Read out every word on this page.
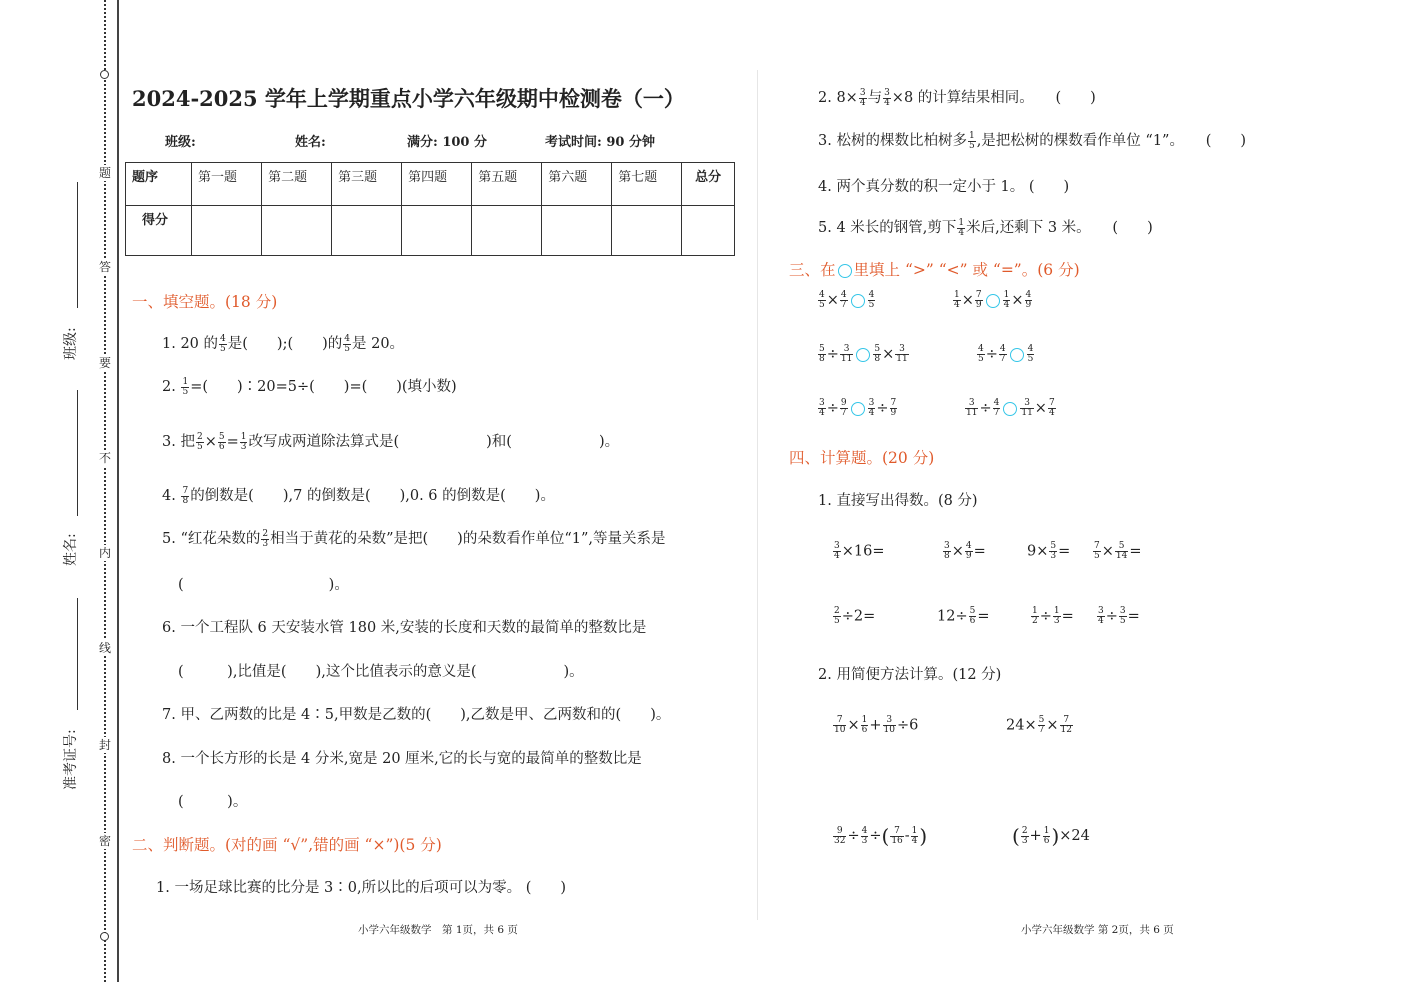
题
答
要
不
内
线
封
密
班级:
姓名:
准考证号:
2024-2025 学年上学期重点小学六年级期中检测卷（一）
班级:	姓名:	满分: 100 分	考试时间: 90 分钟
题序	第一题	第二题	第三题	第四题	第五题	第六题	第七题	总分
得分								
一、填空题。(18 分)
1. 20 的 $\frac{4}{5}$ 是(　　);(　　)的 $\frac{4}{5}$ 是 20。
2. $\frac{1}{5}$ =(　　)∶20=5÷(　　)=(　　)(填小数)
3. 把 $\frac{2}{5} \times \frac{5}{6} = \frac{1}{3}$ 改写成两道除法算式是(　　　　　　)和(　　　　　　)。
4. $\frac{7}{8}$ 的倒数是(　　),7 的倒数是(　　),0. 6 的倒数是(　　)。
5. “红花朵数的 $\frac{2}{3}$ 相当于黄花的朵数”是把(　　)的朵数看作单位“1”,等量关系是
(　　　　　　　　　　)。
6. 一个工程队 6 天安装水管 180 米,安装的长度和天数的最简单的整数比是
(　　　),比值是(　　),这个比值表示的意义是(　　　　　　)。
7. 甲、乙两数的比是 4∶5,甲数是乙数的(　　),乙数是甲、乙两数和的(　　)。
8. 一个长方形的长是 4 分米,宽是 20 厘米,它的长与宽的最简单的整数比是
(　　　)。
二、判断题。(对的画 “√”,错的画 “×”)(5 分)
1. 一场足球比赛的比分是 3∶0,所以比的后项可以为零。 (　　)
小学六年级数学　第 1页，共 6 页
2. $8\times \frac{3}{4}$ 与 $\frac{3}{4} \times 8$ 的计算结果相同。　　(　　)
3. 松树的棵数比柏树多 $\frac{1}{5}$ ,是把松树的棵数看作单位 “1”。　　(　　)
4. 两个真分数的积一定小于 1。 (　　)
5. 4 米长的钢管,剪下 $\frac{1}{4}$ 米后,还剩下 3 米。　　(　　)
三、在 里填上 “>” “<” 或 “=”。(6 分)
$\frac{4}{5} \times \frac{4}{7} \frac{4}{5}$	$\frac{1}{4} \times \frac{7}{9} \frac{1}{4} \times \frac{4}{9}$
$\frac{5}{8} \div \frac{3}{11} \frac{5}{8} \times \frac{3}{11}$	$\frac{4}{5} \div \frac{4}{7} \frac{4}{5}$
$\frac{3}{4} \div \frac{9}{7} \frac{3}{4} \div \frac{7}{9}$	$\frac{3}{11} \div \frac{4}{7} \frac{3}{11} \times \frac{7}{4}$
四、计算题。(20 分)
1. 直接写出得数。(8 分)
$\frac{3}{4} \times 16=$	$\frac{3}{8} \times \frac{4}{9}$ =	$9\times \frac{5}{3}$ =	$\frac{7}{5} \times \frac{5}{14}$ =
$\frac{2}{5} \div 2=$	$12\div \frac{5}{6}$ =	$\frac{1}{2} \div \frac{1}{3}$ =	$\frac{3}{4} \div \frac{3}{5}$ =
2. 用简便方法计算。(12 分)
$\frac{7}{10} \times \frac{1}{6} + \frac{3}{10} \div 6$	$24\times \frac{5}{7} \times \frac{7}{12}$
$\frac{9}{32} \div \frac{4}{3}$ ÷( $\frac{7}{16} - \frac{1}{4}$ )	( $\frac{2}{3} + \frac{1}{6} )\times 24$
小学六年级数学 第 2页，共 6 页
